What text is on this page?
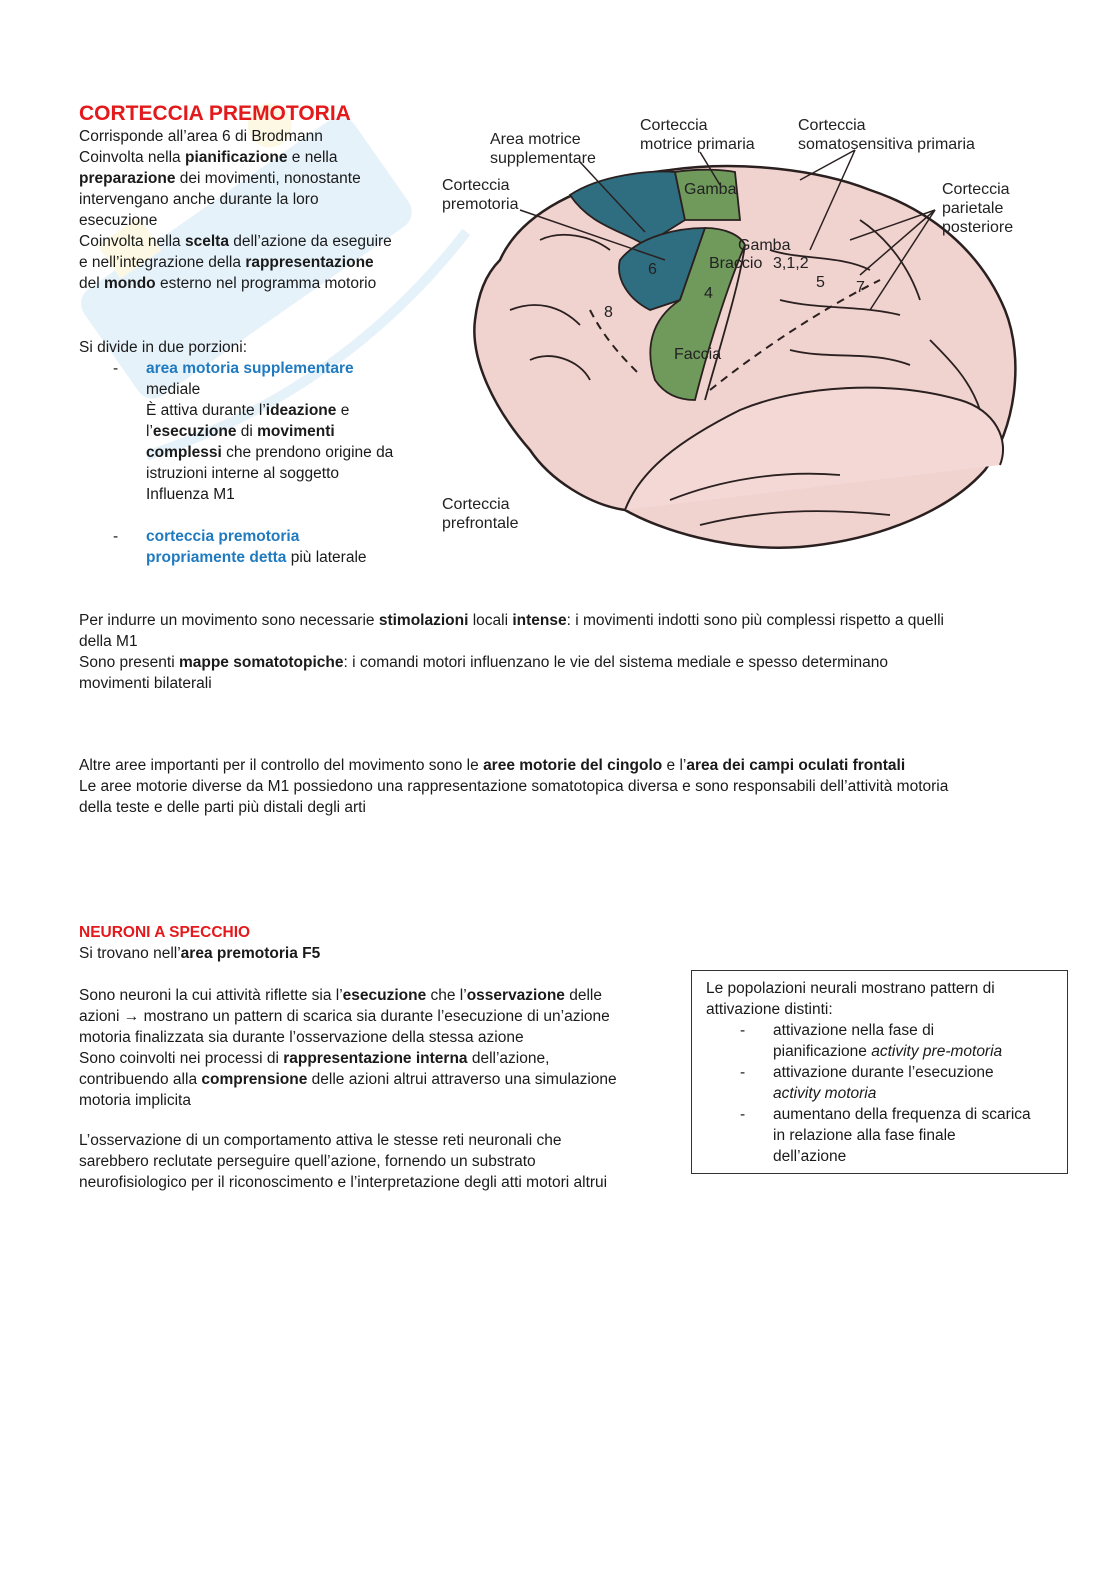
CORTECCIA PREMOTORIA

Corrisponde all’area 6 di Brodmann

Coinvolta nella pianificazione e nella

preparazione dei movimenti, nonostante

intervengano anche durante la loro

esecuzione

Coinvolta nella scelta dell’azione da eseguire

e nell’integrazione della rappresentazione

del mondo esterno nel programma motorio

Si divide in due porzioni:

- area motoria supplementare

mediale

È attiva durante l’ideazione e

l’esecuzione di movimenti

complessi che prendono origine da

istruzioni interne al soggetto

Influenza M1

- corteccia premotoria

propriamente detta più laterale

Area motrice
supplementare
Corteccia
motrice primaria
Corteccia
somatosensitiva primaria
Corteccia
premotoria
Corteccia
parietale
posteriore
Corteccia
prefrontale
Gamba
Gamba
Braccio 3,1,2
Faccia
6
4
8
5 7

Per indurre un movimento sono necessarie stimolazioni locali intense: i movimenti indotti sono più complessi rispetto a quelli

della M1

Sono presenti mappe somatotopiche: i comandi motori influenzano le vie del sistema mediale e spesso determinano

movimenti bilaterali

Altre aree importanti per il controllo del movimento sono le aree motorie del cingolo e l’area dei campi oculati frontali

Le aree motorie diverse da M1 possiedono una rappresentazione somatotopica diversa e sono responsabili dell’attività motoria

della teste e delle parti più distali degli arti

NEURONI A SPECCHIO

Si trovano nell’area premotoria F5

Sono neuroni la cui attività riflette sia l’esecuzione che l’osservazione delle

azioni → mostrano un pattern di scarica sia durante l’esecuzione di un’azione

motoria finalizzata sia durante l’osservazione della stessa azione

Sono coinvolti nei processi di rappresentazione interna dell’azione,

contribuendo alla comprensione delle azioni altrui attraverso una simulazione

motoria implicita

L’osservazione di un comportamento attiva le stesse reti neuronali che

sarebbero reclutate perseguire quell’azione, fornendo un substrato

neurofisiologico per il riconoscimento e l’interpretazione degli atti motori altrui

Le popolazioni neurali mostrano pattern di

attivazione distinti:

- attivazione nella fase di

pianificazione activity pre-motoria

- attivazione durante l’esecuzione

activity motoria

- aumentano della frequenza di scarica

in relazione alla fase finale

dell’azione
